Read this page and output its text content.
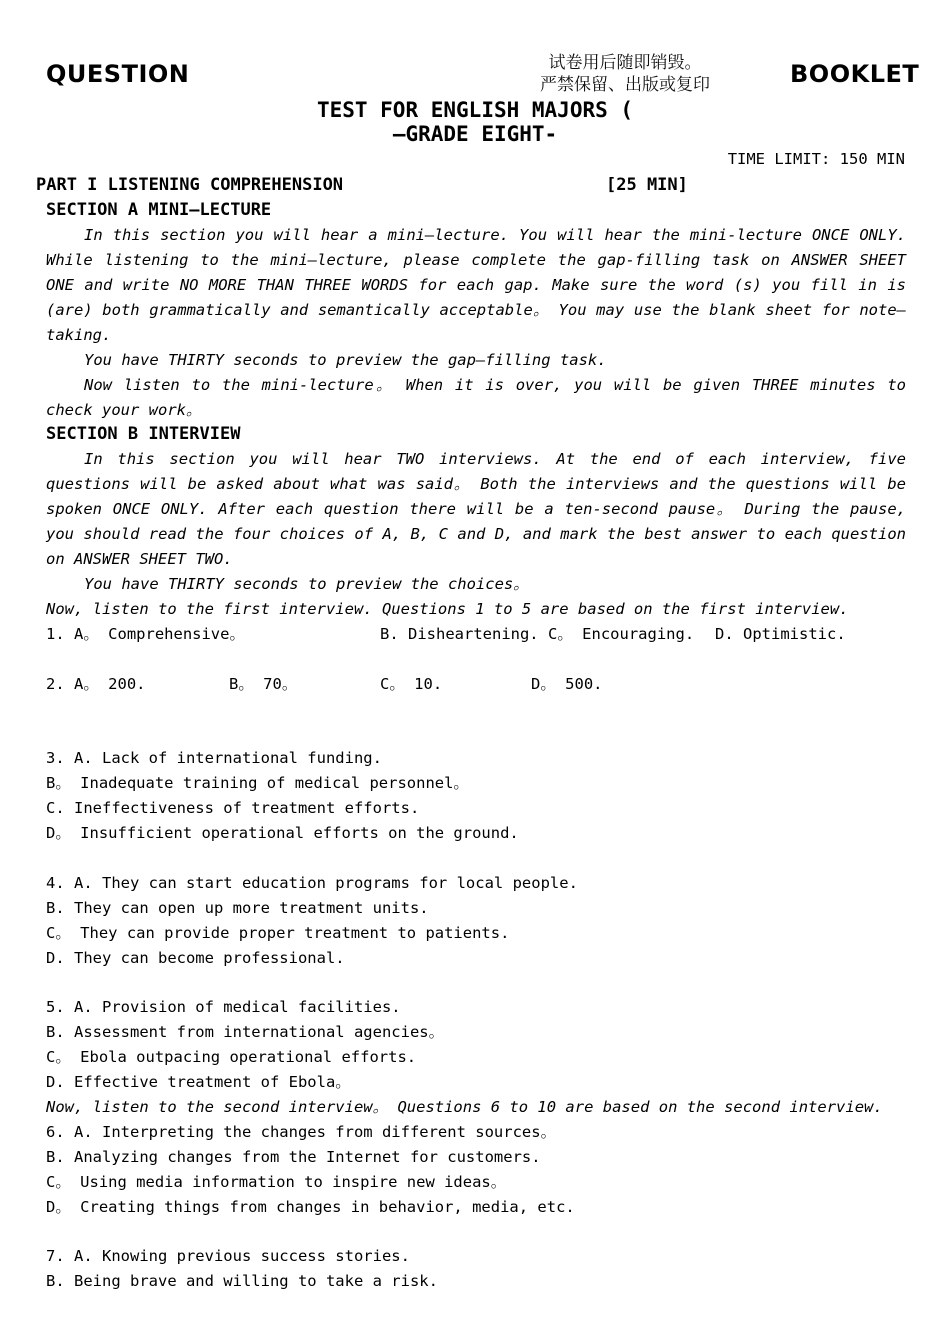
QUESTION	BOOKLET
试卷用后随即销毁。
严禁保留、出版或复印
TEST FOR ENGLISH MAJORS (
—GRADE EIGHT-
TIME LIMIT: 150 MIN
PART I LISTENING COMPREHENSION	[25 MIN]
SECTION A MINI—LECTURE
In this section you will hear a mini—lecture. You will hear the mini-lecture ONCE ONLY. While listening to the mini—lecture, please complete the gap-filling task on ANSWER SHEET ONE and write NO MORE THAN THREE WORDS for each gap. Make sure the word (s) you fill in is (are) both grammatically and semantically acceptable。 You may use the blank sheet for note—taking.
You have THIRTY seconds to preview the gap—filling task.
Now listen to the mini-lecture。 When it is over, you will be given THREE minutes to check your work。
SECTION B INTERVIEW
In this section you will hear TWO interviews. At the end of each interview, five questions will be asked about what was said。 Both the interviews and the questions will be spoken ONCE ONLY. After each question there will be a ten-second pause。 During the pause, you should read the four choices of A, B, C and D, and mark the best answer to each question on ANSWER SHEET TWO.
You have THIRTY seconds to preview the choices。
Now, listen to the first interview. Questions 1 to 5 are based on the first interview.
1. A。 Comprehensive。	B. Disheartening. C。 Encouraging. D. Optimistic.
2. A。 200.	B。 70。	C。 10.	D。 500.
3. A. Lack of international funding.
B。 Inadequate training of medical personnel。
C. Ineffectiveness of treatment efforts.
D。 Insufficient operational efforts on the ground.
4. A. They can start education programs for local people.
B. They can open up more treatment units.
C。 They can provide proper treatment to patients.
D. They can become professional.
5. A. Provision of medical facilities.
B. Assessment from international agencies。
C。 Ebola outpacing operational efforts.
D. Effective treatment of Ebola。
Now, listen to the second interview。 Questions 6 to 10 are based on the second interview.
6. A. Interpreting the changes from different sources。
B. Analyzing changes from the Internet for customers.
C。 Using media information to inspire new ideas。
D。 Creating things from changes in behavior, media, etc.
7. A. Knowing previous success stories.
B. Being brave and willing to take a risk.
